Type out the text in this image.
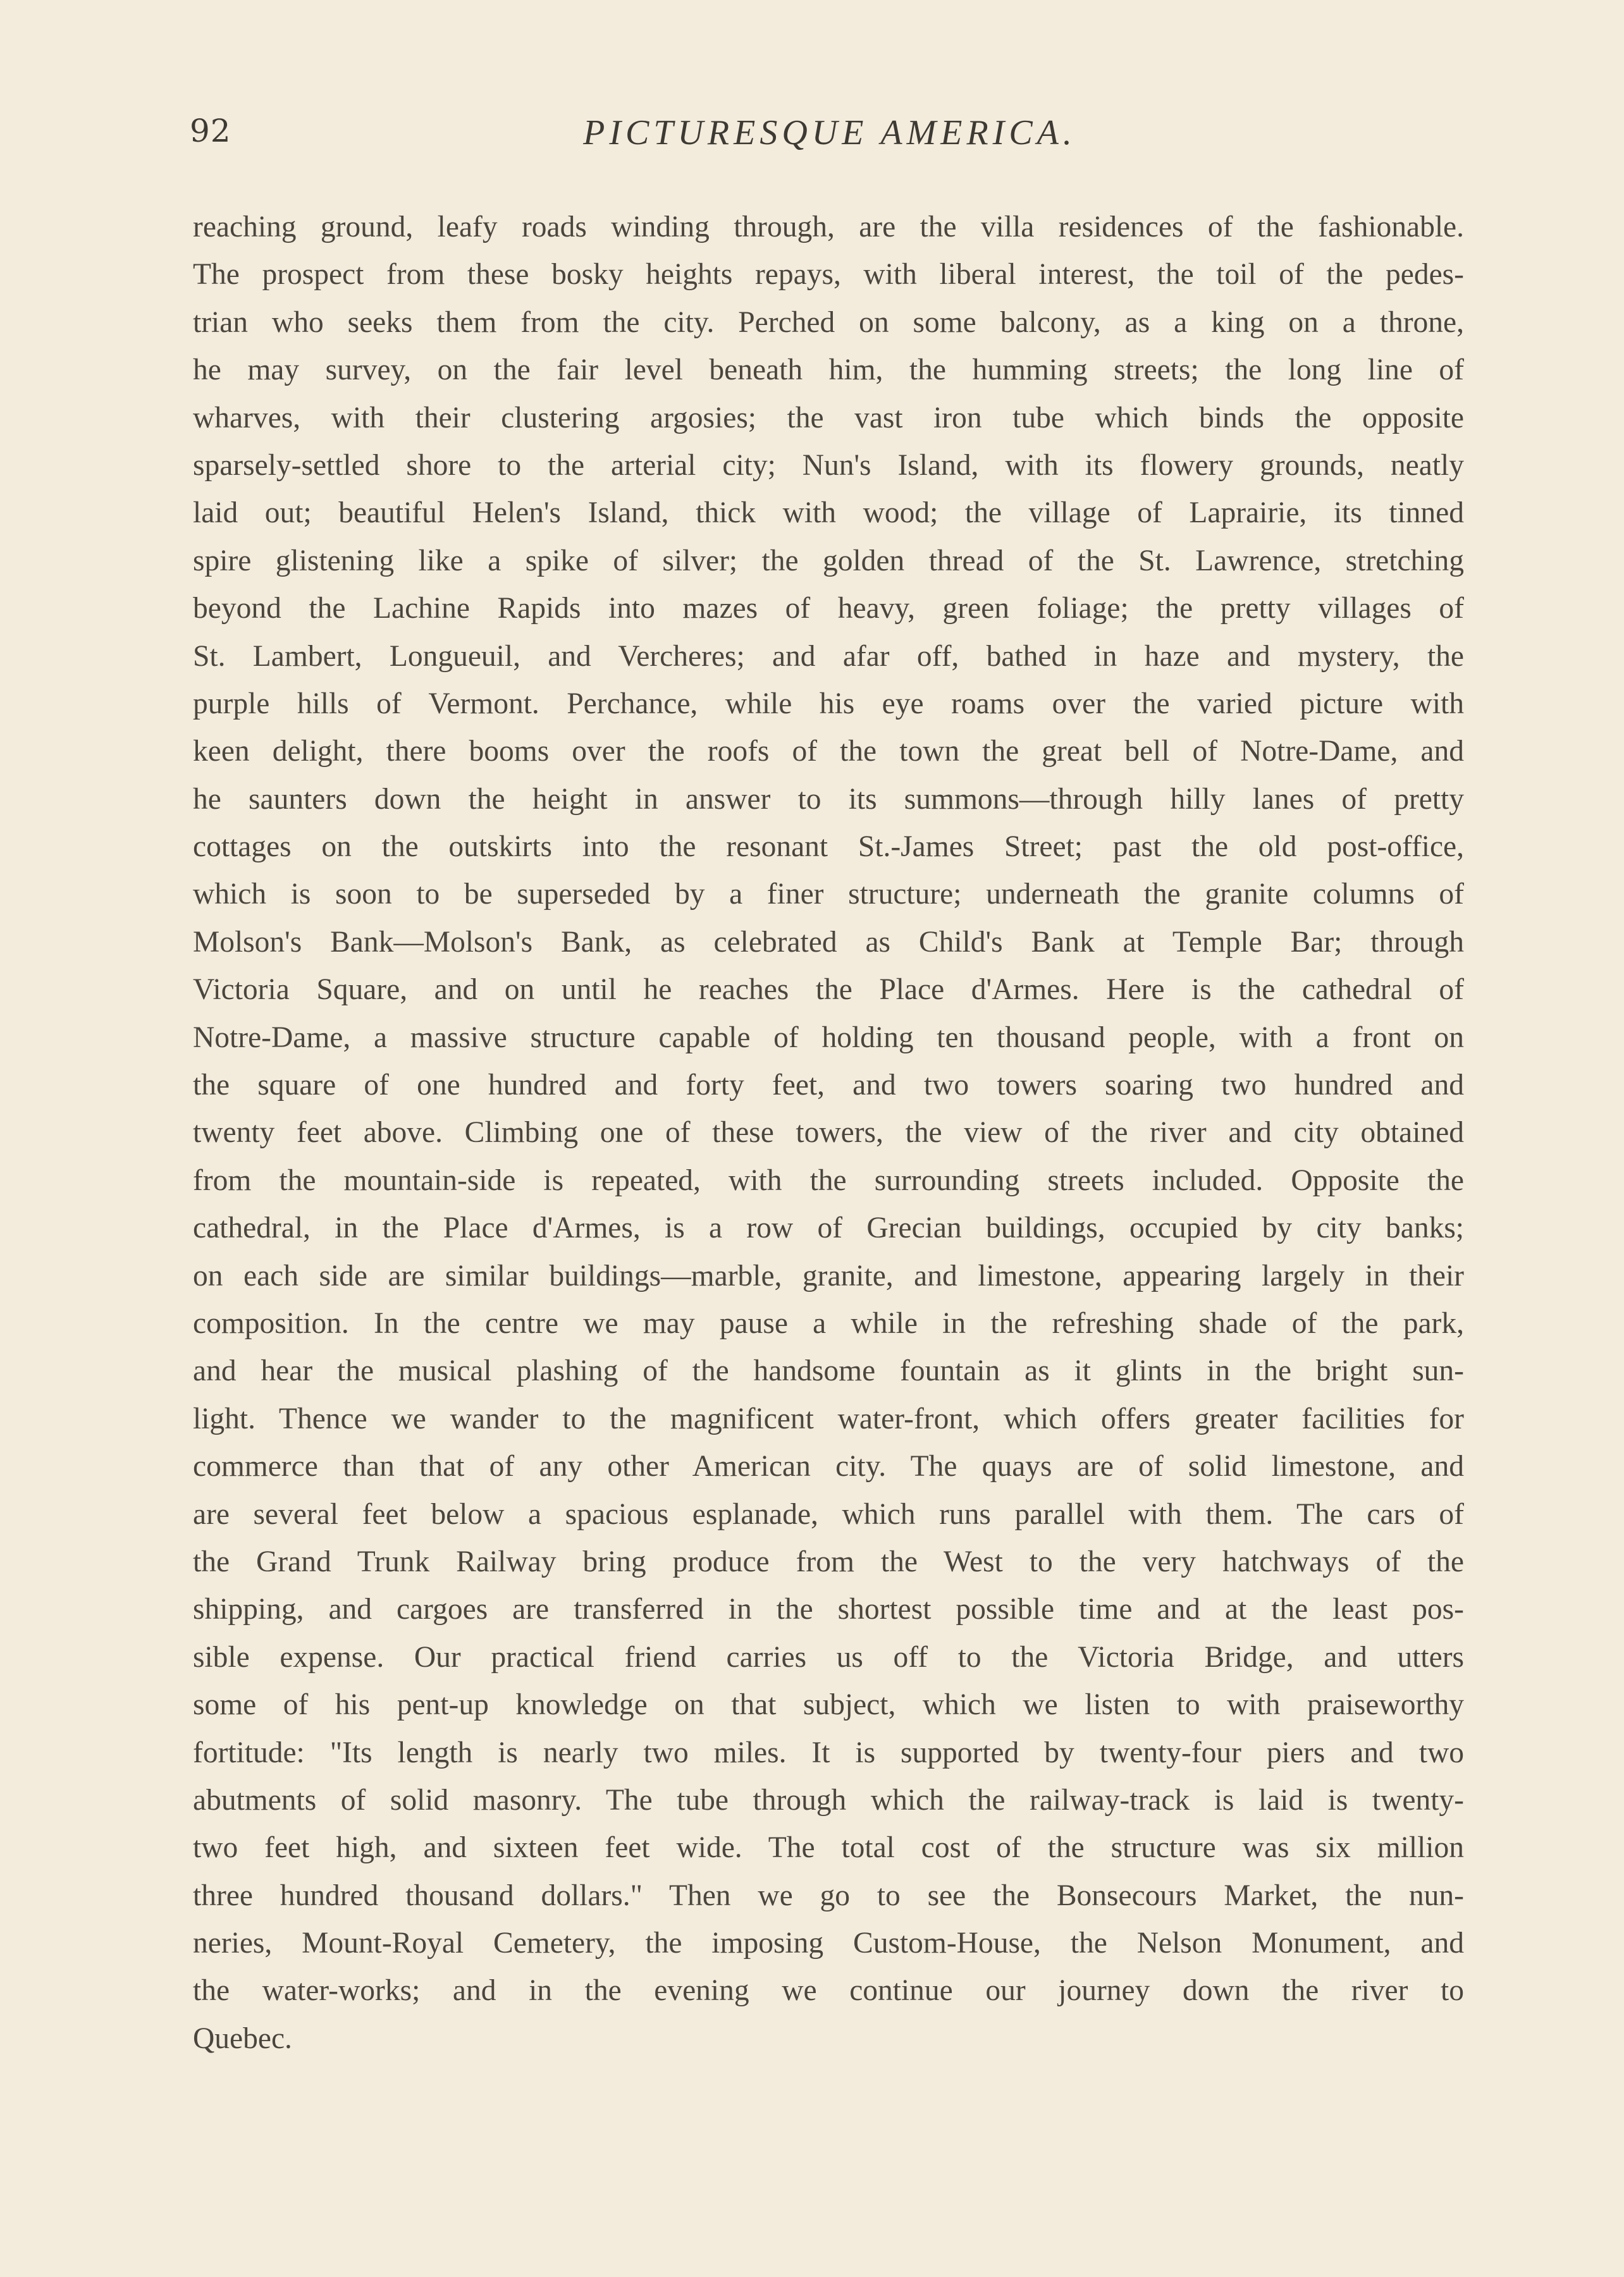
92	PICTURESQUE AMERICA.
reaching ground, leafy roads winding through, are the villa residences of the fashionable.
The prospect from these bosky heights repays, with liberal interest, the toil of the pedes-
trian who seeks them from the city. Perched on some balcony, as a king on a throne,
he may survey, on the fair level beneath him, the humming streets; the long line of
wharves, with their clustering argosies; the vast iron tube which binds the opposite
sparsely-settled shore to the arterial city; Nun's Island, with its flowery grounds, neatly
laid out; beautiful Helen's Island, thick with wood; the village of Laprairie, its tinned
spire glistening like a spike of silver; the golden thread of the St. Lawrence, stretching
beyond the Lachine Rapids into mazes of heavy, green foliage; the pretty villages of
St. Lambert, Longueuil, and Vercheres; and afar off, bathed in haze and mystery, the
purple hills of Vermont. Perchance, while his eye roams over the varied picture with
keen delight, there booms over the roofs of the town the great bell of Notre-Dame, and
he saunters down the height in answer to its summons—through hilly lanes of pretty
cottages on the outskirts into the resonant St.-James Street; past the old post-office,
which is soon to be superseded by a finer structure; underneath the granite columns of
Molson's Bank—Molson's Bank, as celebrated as Child's Bank at Temple Bar; through
Victoria Square, and on until he reaches the Place d'Armes. Here is the cathedral of
Notre-Dame, a massive structure capable of holding ten thousand people, with a front on
the square of one hundred and forty feet, and two towers soaring two hundred and
twenty feet above. Climbing one of these towers, the view of the river and city obtained
from the mountain-side is repeated, with the surrounding streets included. Opposite the
cathedral, in the Place d'Armes, is a row of Grecian buildings, occupied by city banks;
on each side are similar buildings—marble, granite, and limestone, appearing largely in their
composition. In the centre we may pause a while in the refreshing shade of the park,
and hear the musical plashing of the handsome fountain as it glints in the bright sun-
light. Thence we wander to the magnificent water-front, which offers greater facilities for
commerce than that of any other American city. The quays are of solid limestone, and
are several feet below a spacious esplanade, which runs parallel with them. The cars of
the Grand Trunk Railway bring produce from the West to the very hatchways of the
shipping, and cargoes are transferred in the shortest possible time and at the least pos-
sible expense. Our practical friend carries us off to the Victoria Bridge, and utters
some of his pent-up knowledge on that subject, which we listen to with praiseworthy
fortitude: "Its length is nearly two miles. It is supported by twenty-four piers and two
abutments of solid masonry. The tube through which the railway-track is laid is twenty-
two feet high, and sixteen feet wide. The total cost of the structure was six million
three hundred thousand dollars." Then we go to see the Bonsecours Market, the nun-
neries, Mount-Royal Cemetery, the imposing Custom-House, the Nelson Monument, and
the water-works; and in the evening we continue our journey down the river to
Quebec.
